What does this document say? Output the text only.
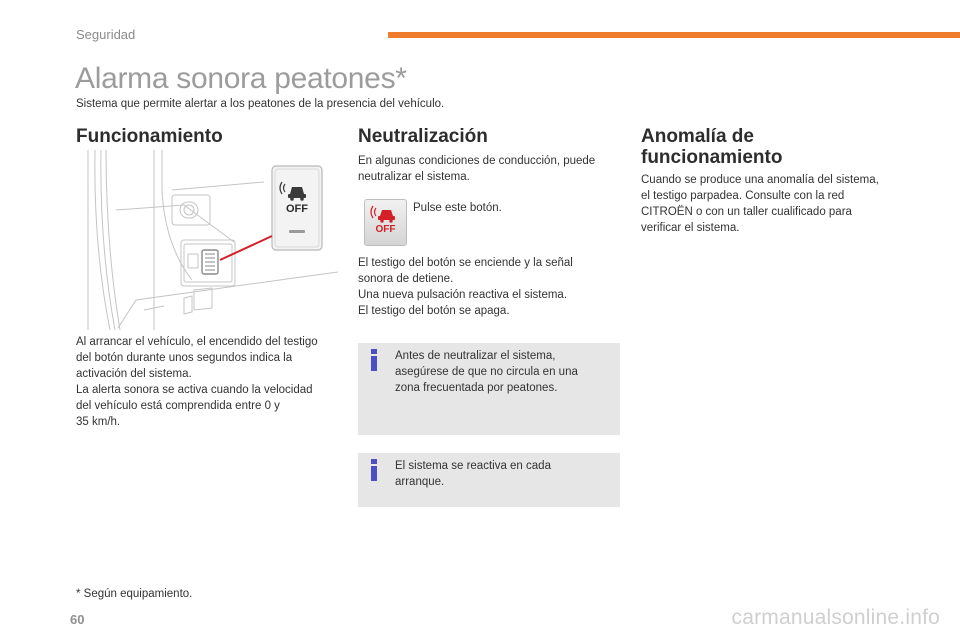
Seguridad
Alarma sonora peatones*
Sistema que permite alertar a los peatones de la presencia del vehículo.
Funcionamiento
OFF
Al arrancar el vehículo, el encendido del testigo
del botón durante unos segundos indica la
activación del sistema.
La alerta sonora se activa cuando la velocidad
del vehículo está comprendida entre 0 y
35 km/h.
Neutralización
En algunas condiciones de conducción, puede
neutralizar el sistema.
OFF
Pulse este botón.
El testigo del botón se enciende y la señal
sonora de detiene.
Una nueva pulsación reactiva el sistema.
El testigo del botón se apaga.
Antes de neutralizar el sistema,
asegúrese de que no circula en una
zona frecuentada por peatones.
El sistema se reactiva en cada
arranque.
Anomalía de
funcionamiento
Cuando se produce una anomalía del sistema,
el testigo parpadea. Consulte con la red
CITROËN o con un taller cualificado para
verificar el sistema.
* Según equipamiento.
60	carmanualsonline.info
